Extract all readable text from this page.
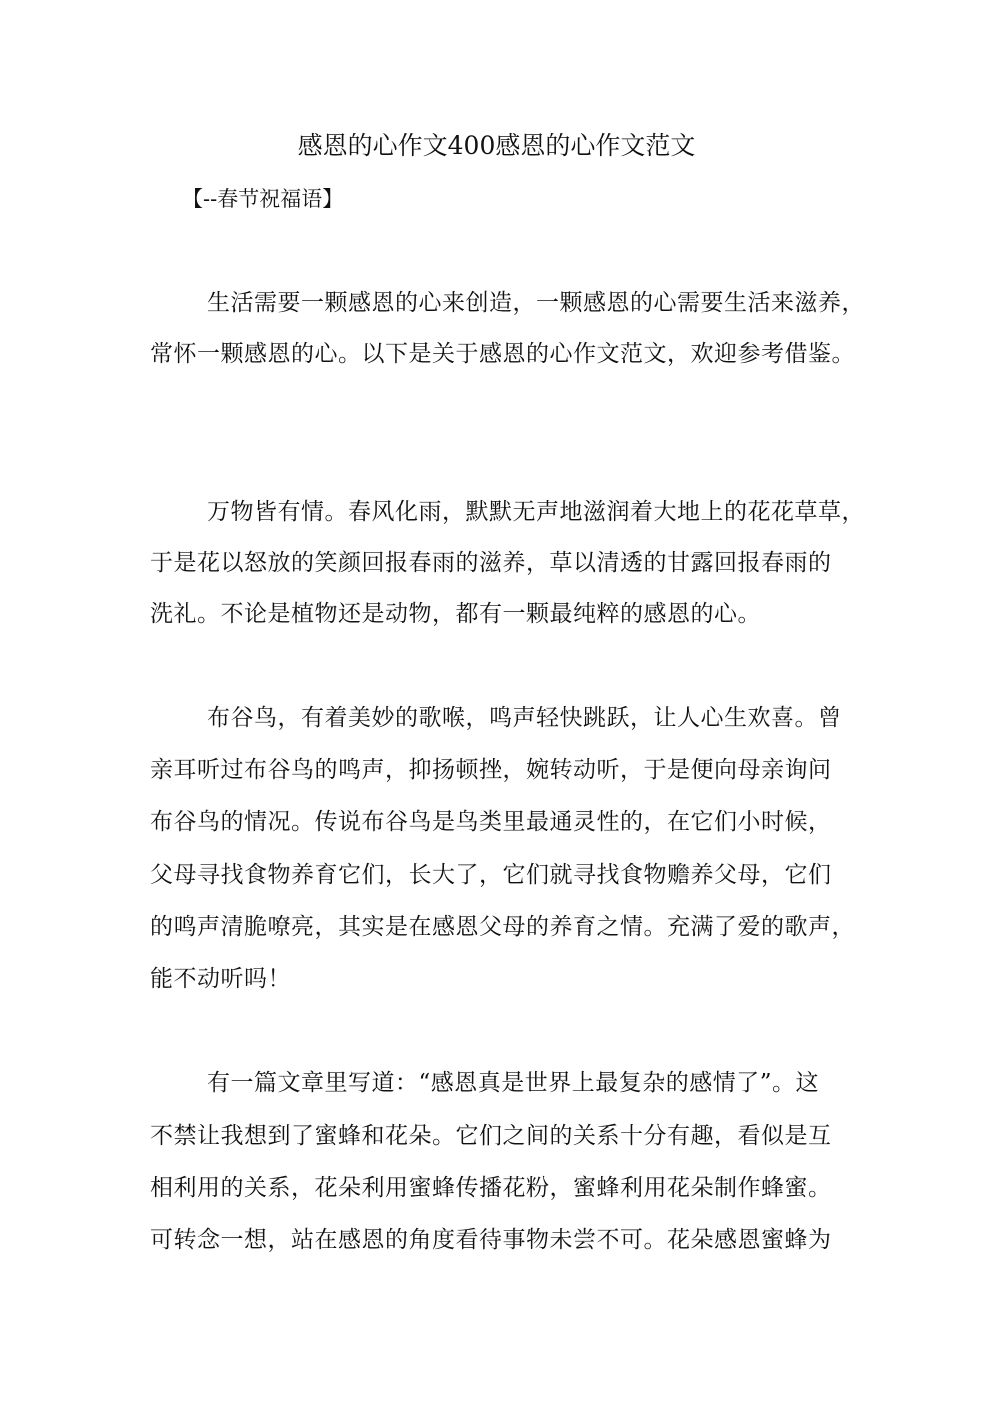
感恩的心作文400感恩的心作文范文
【--春节祝福语】
生活需要一颗感恩的心来创造，一颗感恩的心需要生活来滋养，
常怀一颗感恩的心。以下是关于感恩的心作文范文，欢迎参考借鉴。
万物皆有情。春风化雨，默默无声地滋润着大地上的花花草草，
于是花以怒放的笑颜回报春雨的滋养，草以清透的甘露回报春雨的
洗礼。不论是植物还是动物，都有一颗最纯粹的感恩的心。
布谷鸟，有着美妙的歌喉，鸣声轻快跳跃，让人心生欢喜。曾
亲耳听过布谷鸟的鸣声，抑扬顿挫，婉转动听，于是便向母亲询问
布谷鸟的情况。传说布谷鸟是鸟类里最通灵性的，在它们小时候，
父母寻找食物养育它们，长大了，它们就寻找食物赡养父母，它们
的鸣声清脆嘹亮，其实是在感恩父母的养育之情。充满了爱的歌声，
能不动听吗！
有一篇文章里写道：“感恩真是世界上最复杂的感情了”。这
不禁让我想到了蜜蜂和花朵。它们之间的关系十分有趣，看似是互
相利用的关系，花朵利用蜜蜂传播花粉，蜜蜂利用花朵制作蜂蜜。
可转念一想，站在感恩的角度看待事物未尝不可。花朵感恩蜜蜂为
